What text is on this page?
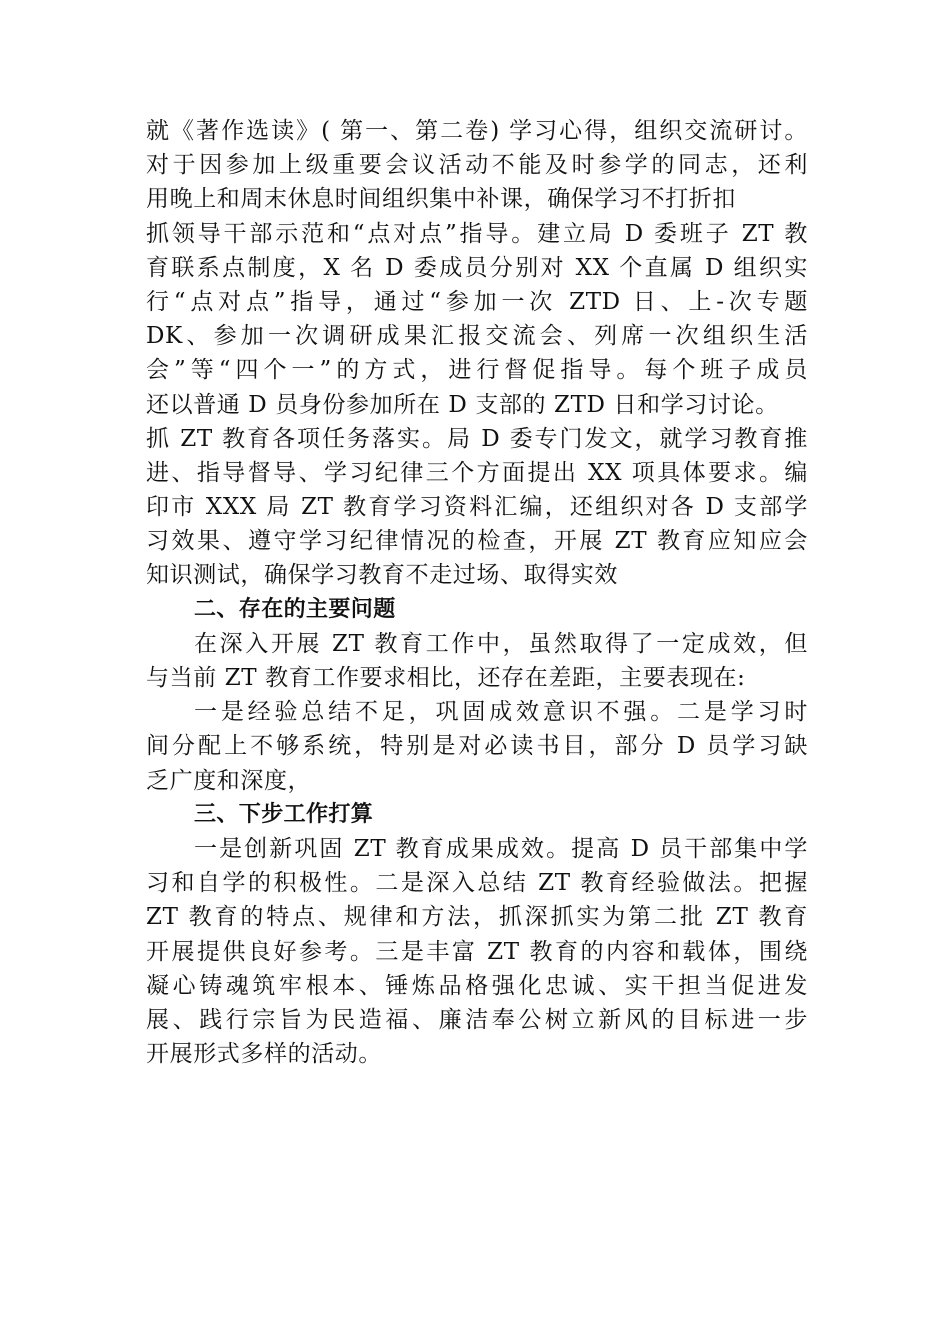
就《著作选读》( 第一、第二卷) 学习心得，组织交流研讨。
对于因参加上级重要会议活动不能及时参学的同志，还利
用晚上和周末休息时间组织集中补课，确保学习不打折扣
抓领导干部示范和“点对点”指导。建立局 D 委班子 ZT 教
育联系点制度，X 名 D 委成员分别对 XX 个直属 D 组织实
行“点对点”指导，通过“参加一次 ZTD 日、上-次专题
DK、参加一次调研成果汇报交流会、列席一次组织生活
会”等“四个一”的方式，进行督促指导。每个班子成员
还以普通 D 员身份参加所在 D 支部的 ZTD 日和学习讨论。
抓 ZT 教育各项任务落实。局 D 委专门发文，就学习教育推
进、指导督导、学习纪律三个方面提出 XX 项具体要求。编
印市 XXX 局 ZT 教育学习资料汇编，还组织对各 D 支部学
习效果、遵守学习纪律情况的检查，开展 ZT 教育应知应会
知识测试，确保学习教育不走过场、取得实效
二、存在的主要问题
在深入开展 ZT 教育工作中，虽然取得了一定成效，但
与当前 ZT 教育工作要求相比，还存在差距，主要表现在:
一是经验总结不足，巩固成效意识不强。二是学习时
间分配上不够系统，特别是对必读书目，部分 D 员学习缺
乏广度和深度，
三、下步工作打算
一是创新巩固 ZT 教育成果成效。提高 D 员干部集中学
习和自学的积极性。二是深入总结 ZT 教育经验做法。把握
ZT 教育的特点、规律和方法，抓深抓实为第二批 ZT 教育
开展提供良好参考。三是丰富 ZT 教育的内容和载体，围绕
凝心铸魂筑牢根本、锤炼品格强化忠诚、实干担当促进发
展、践行宗旨为民造福、廉洁奉公树立新风的目标进一步
开展形式多样的活动。
